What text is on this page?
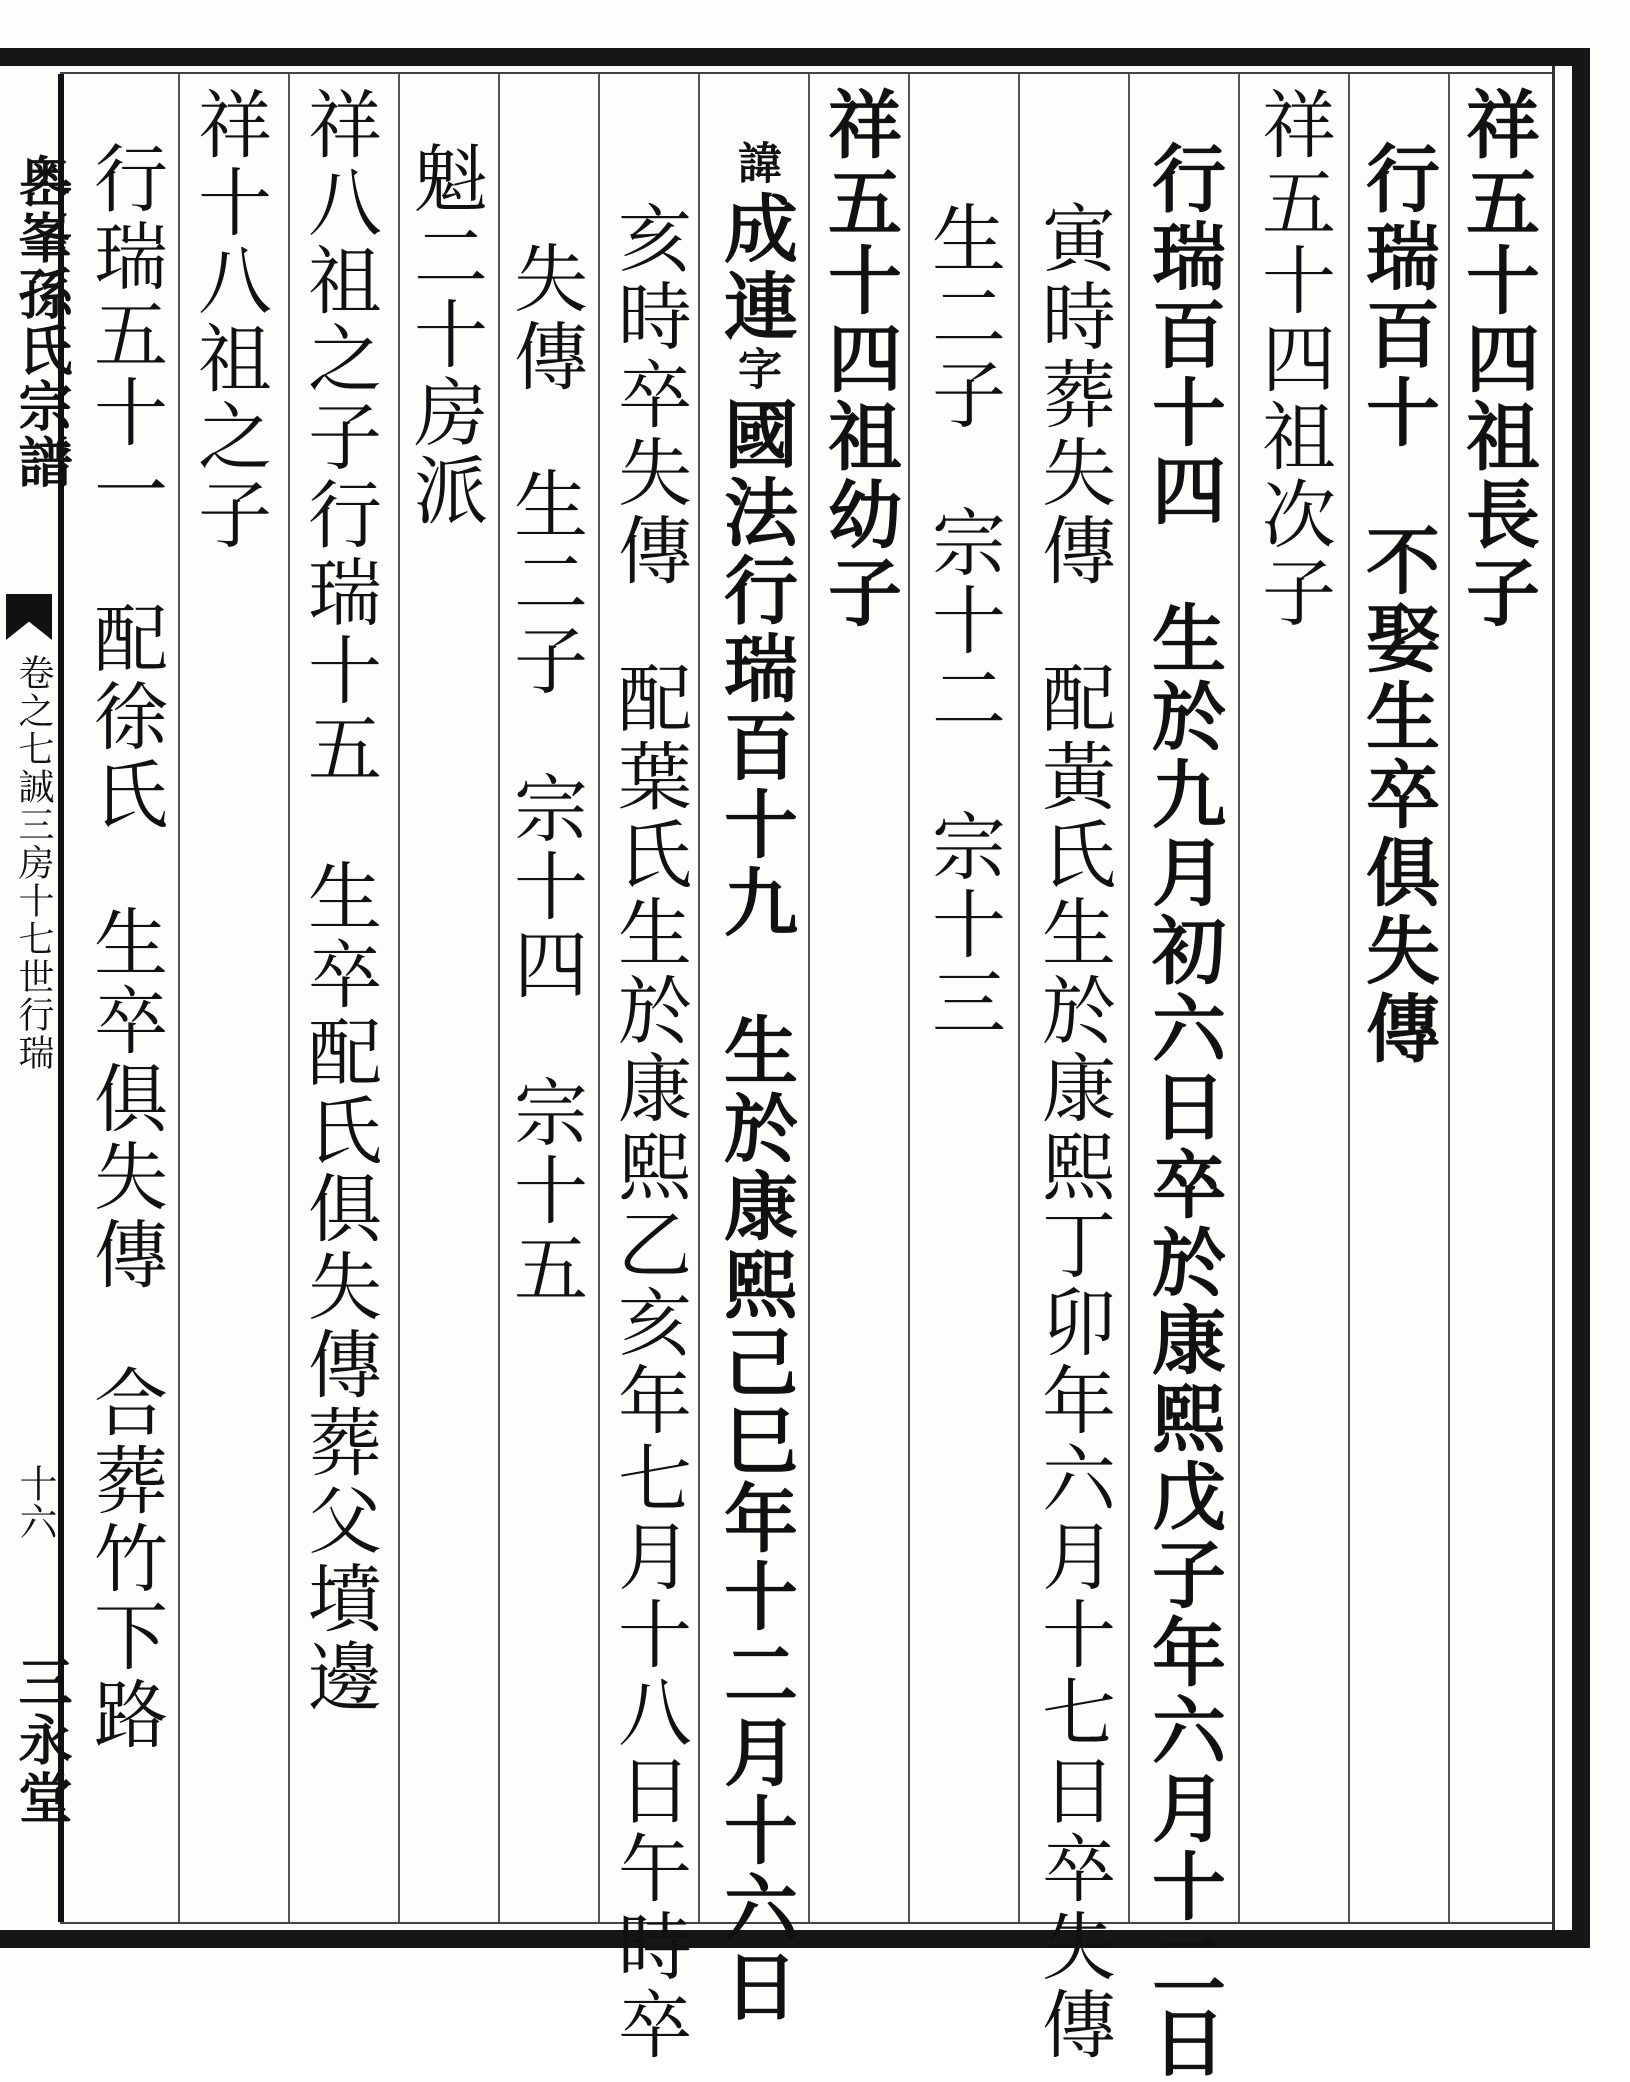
祥五十四祖長子
行瑞百十不娶生卒俱失傳
祥五十四祖次子
行瑞百十四生於九月初六日卒於康熙戊子年六月十二日
寅時葬失傳配黃氏生於康熙丁卯年六月十七日卒失傳
生二子宗十二宗十三
祥五十四祖幼子
諱成連字國法行瑞百十九生於康熙己巳年十二月十六日
亥時卒失傳配葉氏生於康熙乙亥年七月十八日午時卒
失傳生二子宗十四宗十五
魁二十房派
祥八祖之子行瑞十五生卒配氏俱失傳葬父墳邊
祥十八祖之子
行瑞五十一配徐氏生卒俱失傳合葬竹下路
嶴峯孫氏宗譜
卷之七誠三房十七世行瑞
十六
三永堂
